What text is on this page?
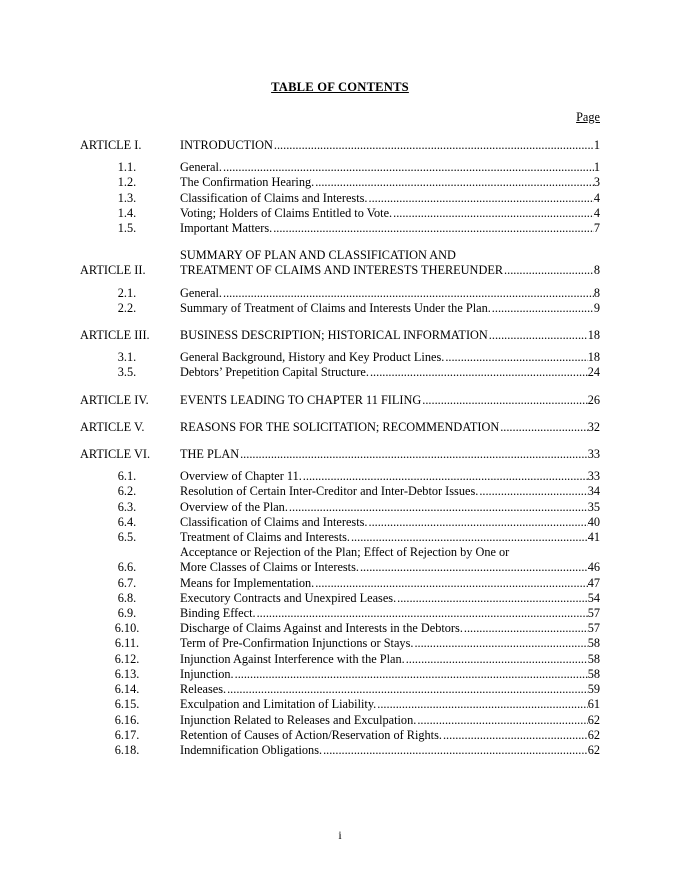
TABLE OF CONTENTS
Page
ARTICLE I.	INTRODUCTION .....	1
1.1.	General. .....	1
1.2.	The Confirmation Hearing. .....	3
1.3.	Classification of Claims and Interests. .....	4
1.4.	Voting; Holders of Claims Entitled to Vote. .....	4
1.5.	Important Matters. .....	7
ARTICLE II.
SUMMARY OF PLAN AND CLASSIFICATION AND
TREATMENT OF CLAIMS AND INTERESTS THEREUNDER .....	8
2.1.	General. .....	8
2.2.	Summary of Treatment of Claims and Interests Under the Plan. .....	9
ARTICLE III.	BUSINESS DESCRIPTION; HISTORICAL INFORMATION .....	18
3.1.	General Background, History and Key Product Lines. .....	18
3.5.	Debtors’ Prepetition Capital Structure. .....	24
ARTICLE IV.	EVENTS LEADING TO CHAPTER 11 FILING .....	26
ARTICLE V.	REASONS FOR THE SOLICITATION; RECOMMENDATION .....	32
ARTICLE VI.	THE PLAN .....	33
6.1.	Overview of Chapter 11. .....	33
6.2.	Resolution of Certain Inter-Creditor and Inter-Debtor Issues. .....	34
6.3.	Overview of the Plan. .....	35
6.4.	Classification of Claims and Interests. .....	40
6.5.	Treatment of Claims and Interests. .....	41
6.6.
Acceptance or Rejection of the Plan; Effect of Rejection by One or
More Classes of Claims or Interests. .....	46
6.7.	Means for Implementation. .....	47
6.8.	Executory Contracts and Unexpired Leases. .....	54
6.9.	Binding Effect. .....	57
6.10.	Discharge of Claims Against and Interests in the Debtors. .....	57
6.11.	Term of Pre-Confirmation Injunctions or Stays. .....	58
6.12.	Injunction Against Interference with the Plan. .....	58
6.13.	Injunction. .....	58
6.14.	Releases. .....	59
6.15.	Exculpation and Limitation of Liability. .....	61
6.16.	Injunction Related to Releases and Exculpation. .....	62
6.17.	Retention of Causes of Action/Reservation of Rights. .....	62
6.18.	Indemnification Obligations. .....	62
i
